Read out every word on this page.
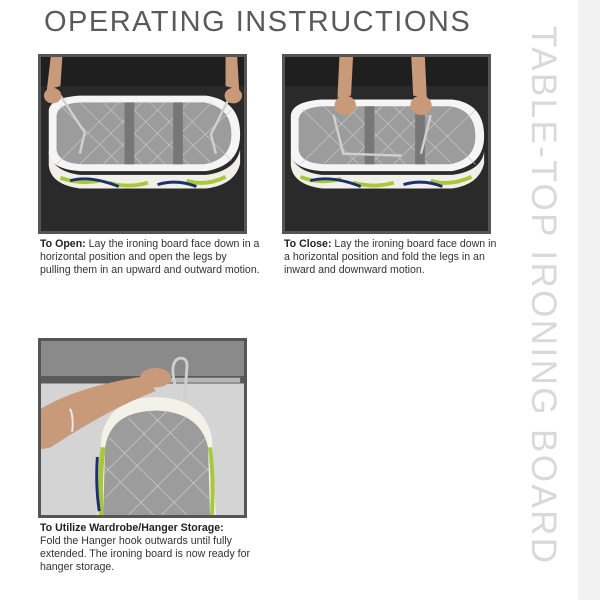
OPERATING INSTRUCTIONS
TABLE-TOP IRONING BOARD
To Open: Lay the ironing board face down in a horizontal position and open the legs by pulling them in an upward and outward motion.
To Close: Lay the ironing board face down in a horizontal position and fold the legs in an inward and downward motion.
To Utilize Wardrobe/Hanger Storage:
Fold the Hanger hook outwards until fully extended. The ironing board is now ready for hanger storage.
